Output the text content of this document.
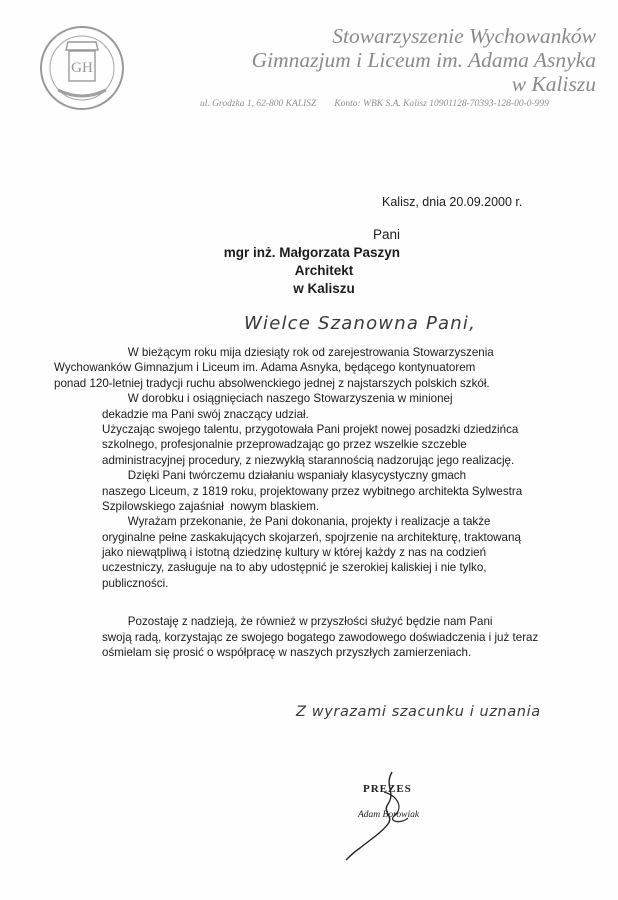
GH
Stowarzyszenie Wychowanków
Gimnazjum i Liceum im. Adama Asnyka
w Kaliszu
ul. Grodzka 1, 62-800 KALISZ Konto: WBK S.A. Kalisz 10901128-70393-128-00-0-999
Kalisz, dnia 20.09.2000 r.
Pani
mgr inż. Małgorzata Paszyn
Architekt
w Kaliszu
Wielce Szanowna Pani,
W bieżącym roku mija dziesiąty rok od zarejestrowania Stowarzyszenia
Wychowanków Gimnazjum i Liceum im. Adama Asnyka, będącego kontynuatorem
ponad 120-letniej tradycji ruchu absolwenckiego jednej z najstarszych polskich szkół.
W dorobku i osiągnięciach naszego Stowarzyszenia w minionej
dekadzie ma Pani swój znaczący udział.
Użyczając swojego talentu, przygotowała Pani projekt nowej posadzki dziedzińca
szkolnego, profesjonalnie przeprowadzając go przez wszelkie szczeble
administracyjnej procedury, z niezwykłą starannością nadzorując jego realizację.
Dzięki Pani twórczemu działaniu wspaniały klasycystyczny gmach
naszego Liceum, z 1819 roku, projektowany przez wybitnego architekta Sylwestra
Szpilowskiego zajaśniał  nowym blaskiem.
Wyrażam przekonanie, że Pani dokonania, projekty i realizacje a także
oryginalne pełne zaskakujących skojarzeń, spojrzenie na architekturę, traktowaną
jako niewątpliwą i istotną dziedzinę kultury w której każdy z nas na codzień
uczestniczy, zasługuje na to aby udostępnić je szerokiej kaliskiej i nie tylko,
publiczności.
Pozostaję z nadzieją, że również w przyszłości służyć będzie nam Pani
swoją radą, korzystając ze swojego bogatego zawodowego doświadczenia i już teraz
ośmielam się prosić o współpracę w naszych przyszłych zamierzeniach.
Z wyrazami szacunku i uznania
PREZES
Adam Borowiak
